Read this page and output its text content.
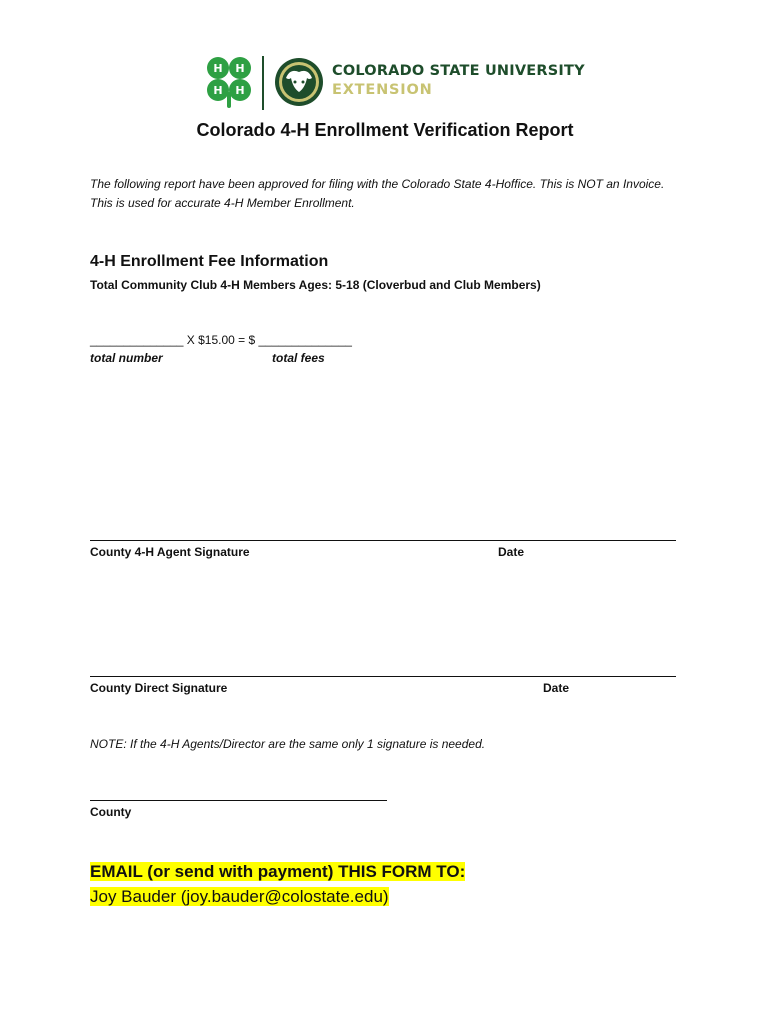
H H
H H
COLORADO STATE UNIVERSITY
EXTENSION
Colorado 4-H Enrollment Verification Report
The following report have been approved for filing with the Colorado State 4-Hoffice. This is NOT an Invoice. This is used for accurate 4-H Member Enrollment.
4-H Enrollment Fee Information
Total Community Club 4-H Members Ages: 5-18 (Cloverbud and Club Members)
______________ X $15.00 = $ ______________
total number	total fees
County 4-H Agent Signature	Date
County Direct Signature	Date
NOTE: If the 4-H Agents/Director are the same only 1 signature is needed.
County
EMAIL (or send with payment) THIS FORM TO:
Joy Bauder (joy.bauder@colostate.edu)
